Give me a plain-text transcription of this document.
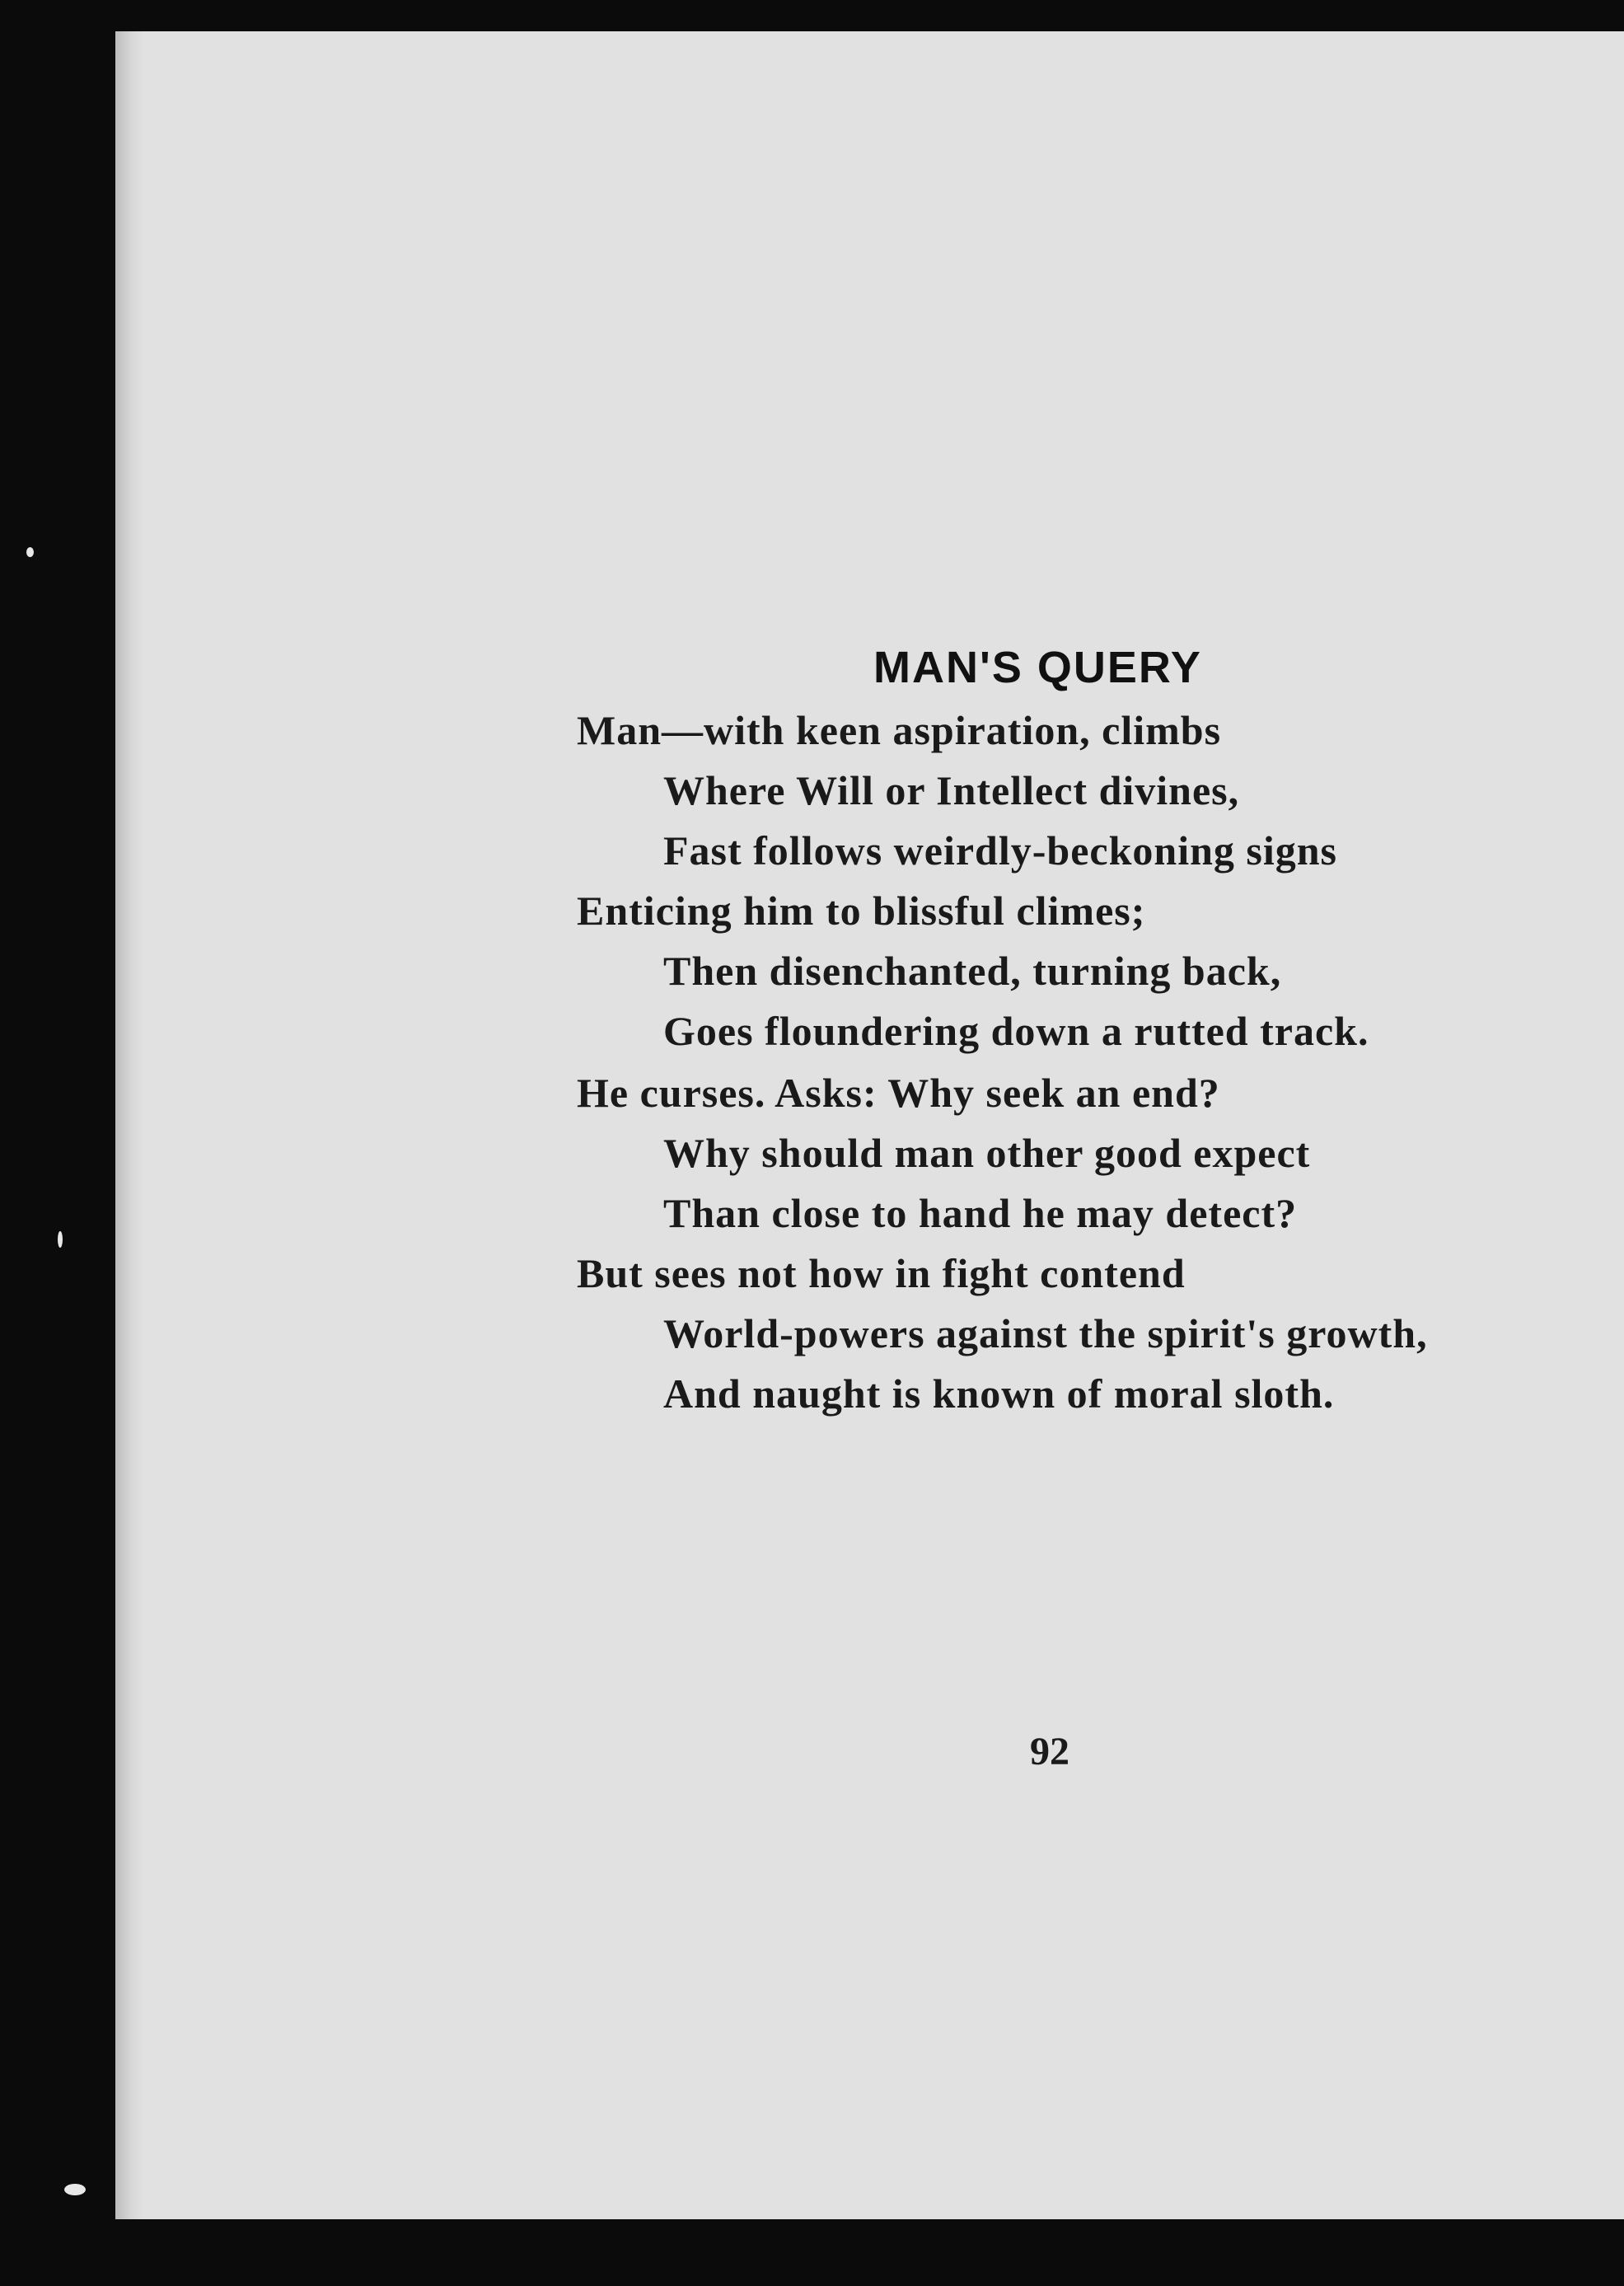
MAN'S QUERY
Man—with keen aspiration, climbs
Where Will or Intellect divines,
Fast follows weirdly-beckoning signs
Enticing him to blissful climes;
Then disenchanted, turning back,
Goes floundering down a rutted track.
He curses. Asks: Why seek an end?
Why should man other good expect
Than close to hand he may detect?
But sees not how in fight contend
World-powers against the spirit's growth,
And naught is known of moral sloth.
92
